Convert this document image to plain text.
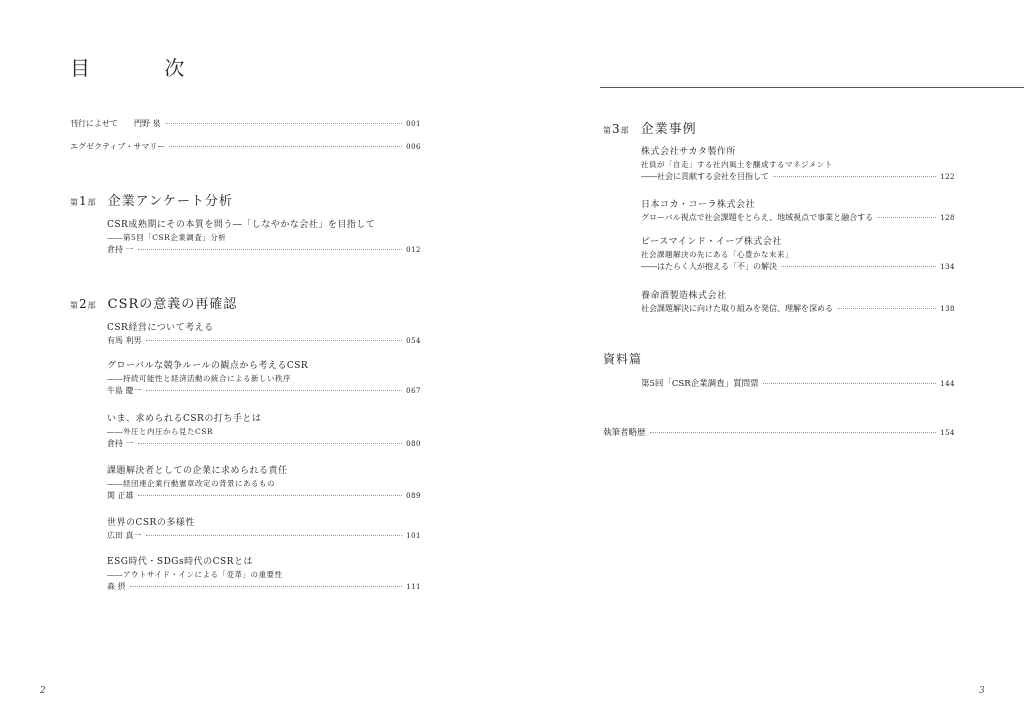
目 次
刊行によせて　　門野 泉	001
エグゼクティブ・サマリー	006
第 1 部 企業アンケート分析
CSR成熟期にその本質を問う―「しなやかな会社」を目指して
――第5回「CSR企業調査」分析
倉持 一	012
第 2 部 CSRの意義の再確認
CSR経営について考える
有馬 利男	054
グローバルな競争ルールの観点から考えるCSR
――持続可能性と経済活動の統合による新しい秩序
牛島 慶一	067
いま、求められるCSRの打ち手とは
――外圧と内圧から見たCSR
倉持 一	080
課題解決者としての企業に求められる責任
――経団連企業行動憲章改定の背景にあるもの
関 正雄	089
世界のCSRの多様性
広田 真一	101
ESG時代・SDGs時代のCSRとは
――アウトサイド・インによる「変革」の重要性
森 摂	111
第 3 部 企業事例
株式会社サカタ製作所
社員が「自走」する社内風土を醸成するマネジメント
――社会に貢献する会社を目指して	122
日本コカ・コーラ株式会社
グローバル視点で社会課題をとらえ、地域視点で事業と融合する	128
ピースマインド・イープ株式会社
社会課題解決の先にある「心豊かな未来」
――はたらく人が抱える「不」の解決	134
養命酒製造株式会社
社会課題解決に向けた取り組みを発信、理解を深める	138
資料篇
第5回「CSR企業調査」質問票	144
執筆者略歴	154
2	3
